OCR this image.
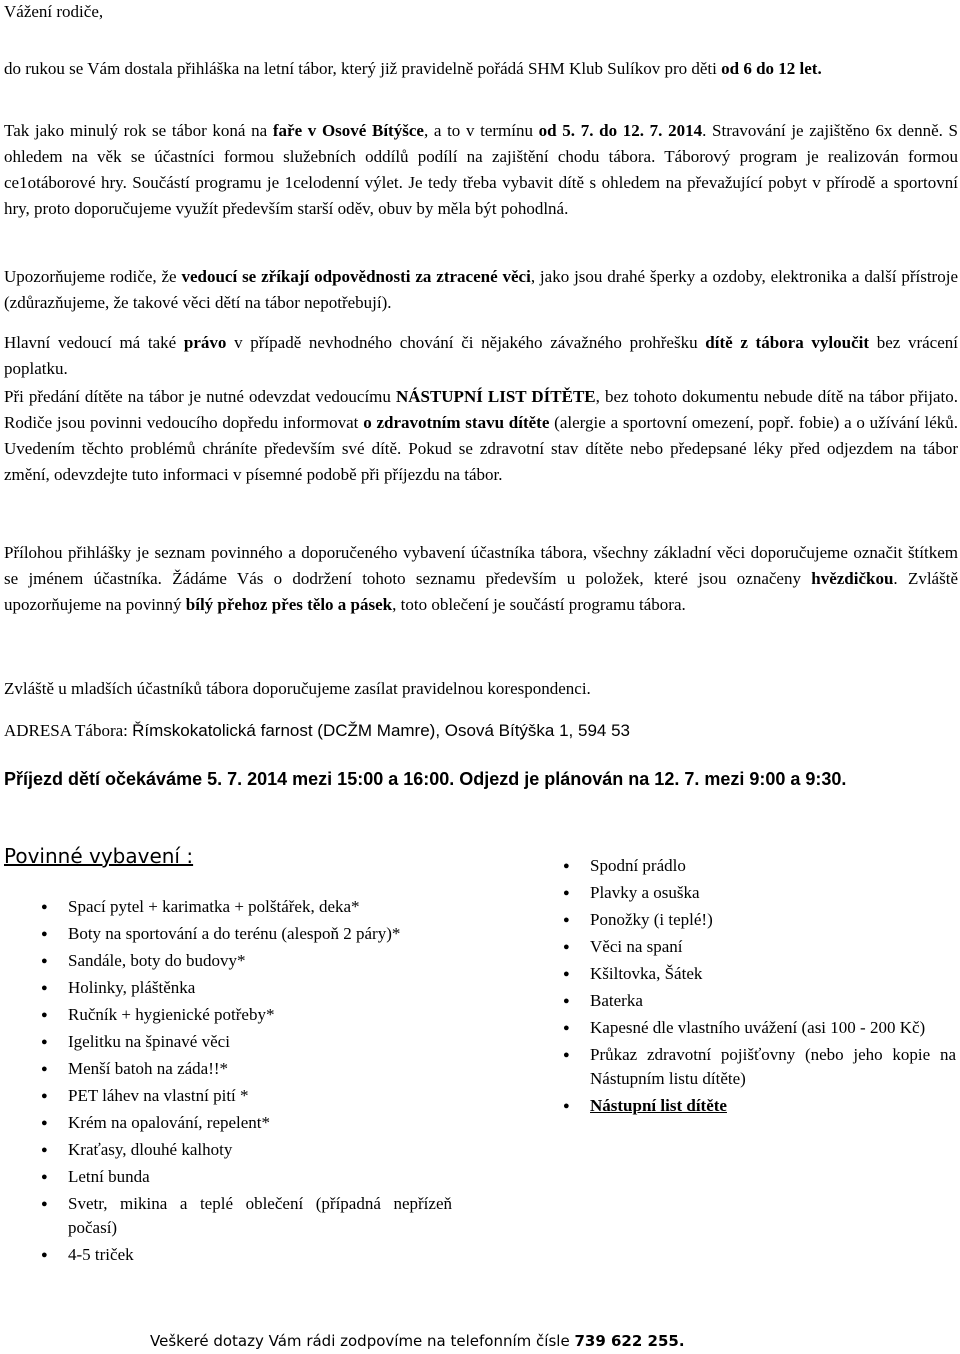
Vážení rodiče,
do rukou se Vám dostala přihláška na letní tábor, který již pravidelně pořádá SHM Klub Sulíkov pro děti od 6 do 12 let.
Tak jako minulý rok se tábor koná na faře v Osové Bítýšce, a to v termínu od 5. 7. do 12. 7. 2014. Stravování je zajištěno 6x denně. S ohledem na věk se účastníci formou služebních oddílů podílí na zajištění chodu tábora. Táborový program je realizován formou ce1otáborové hry. Součástí programu je 1celodenní výlet. Je tedy třeba vybavit dítě s ohledem na převažující pobyt v přírodě a sportovní hry, proto doporučujeme využít především starší oděv, obuv by měla být pohodlná.
Upozorňujeme rodiče, že vedoucí se zříkají odpovědnosti za ztracené věci, jako jsou drahé šperky a ozdoby, elektronika a další přístroje (zdůrazňujeme, že takové věci dětí na tábor nepotřebují).
Hlavní vedoucí má také právo v případě nevhodného chování či nějakého závažného prohřešku dítě z tábora vyloučit bez vrácení poplatku.
Při předání dítěte na tábor je nutné odevzdat vedoucímu NÁSTUPNÍ LIST DÍTĚTE, bez tohoto dokumentu nebude dítě na tábor přijato. Rodiče jsou povinni vedoucího dopředu informovat o zdravotním stavu dítěte (alergie a sportovní omezení, popř. fobie) a o užívání léků. Uvedením těchto problémů chráníte především své dítě. Pokud se zdravotní stav dítěte nebo předepsané léky před odjezdem na tábor změní, odevzdejte tuto informaci v písemné podobě při příjezdu na tábor.
Přílohou přihlášky je seznam povinného a doporučeného vybavení účastníka tábora, všechny základní věci doporučujeme označit štítkem se jménem účastníka. Žádáme Vás o dodržení tohoto seznamu především u položek, které jsou označeny hvězdičkou. Zvláště upozorňujeme na povinný bílý přehoz přes tělo a pásek, toto oblečení je součástí programu tábora.
Zvláště u mladších účastníků tábora doporučujeme zasílat pravidelnou korespondenci.
ADRESA Tábora: Římskokatolická farnost (DCŽM Mamre), Osová Bítýška 1, 594 53
Příjezd dětí očekáváme 5. 7. 2014 mezi 15:00 a 16:00. Odjezd je plánován na 12. 7. mezi 9:00 a 9:30.
Povinné vybavení :
● Spací pytel + karimatka + polštářek, deka*
● Boty na sportování a do terénu (alespoň 2 páry)*
● Sandále, boty do budovy*
● Holinky, pláštěnka
● Ručník + hygienické potřeby*
● Igelitku na špinavé věci
● Menší batoh na záda!!*
● PET láhev na vlastní pití *
● Krém na opalování, repelent*
● Kraťasy, dlouhé kalhoty
● Letní bunda
● Svetr, mikina a teplé oblečení (případná nepřízeň počasí)
● 4-5 triček
● Spodní prádlo
● Plavky a osuška
● Ponožky (i teplé!)
● Věci na spaní
● Kšiltovka, Šátek
● Baterka
● Kapesné dle vlastního uvážení (asi 100 - 200 Kč)
● Průkaz zdravotní pojišťovny (nebo jeho kopie na Nástupním listu dítěte)
● Nástupní list dítěte
Veškeré dotazy Vám rádi zodpovíme na telefonním čísle 739 622 255.
